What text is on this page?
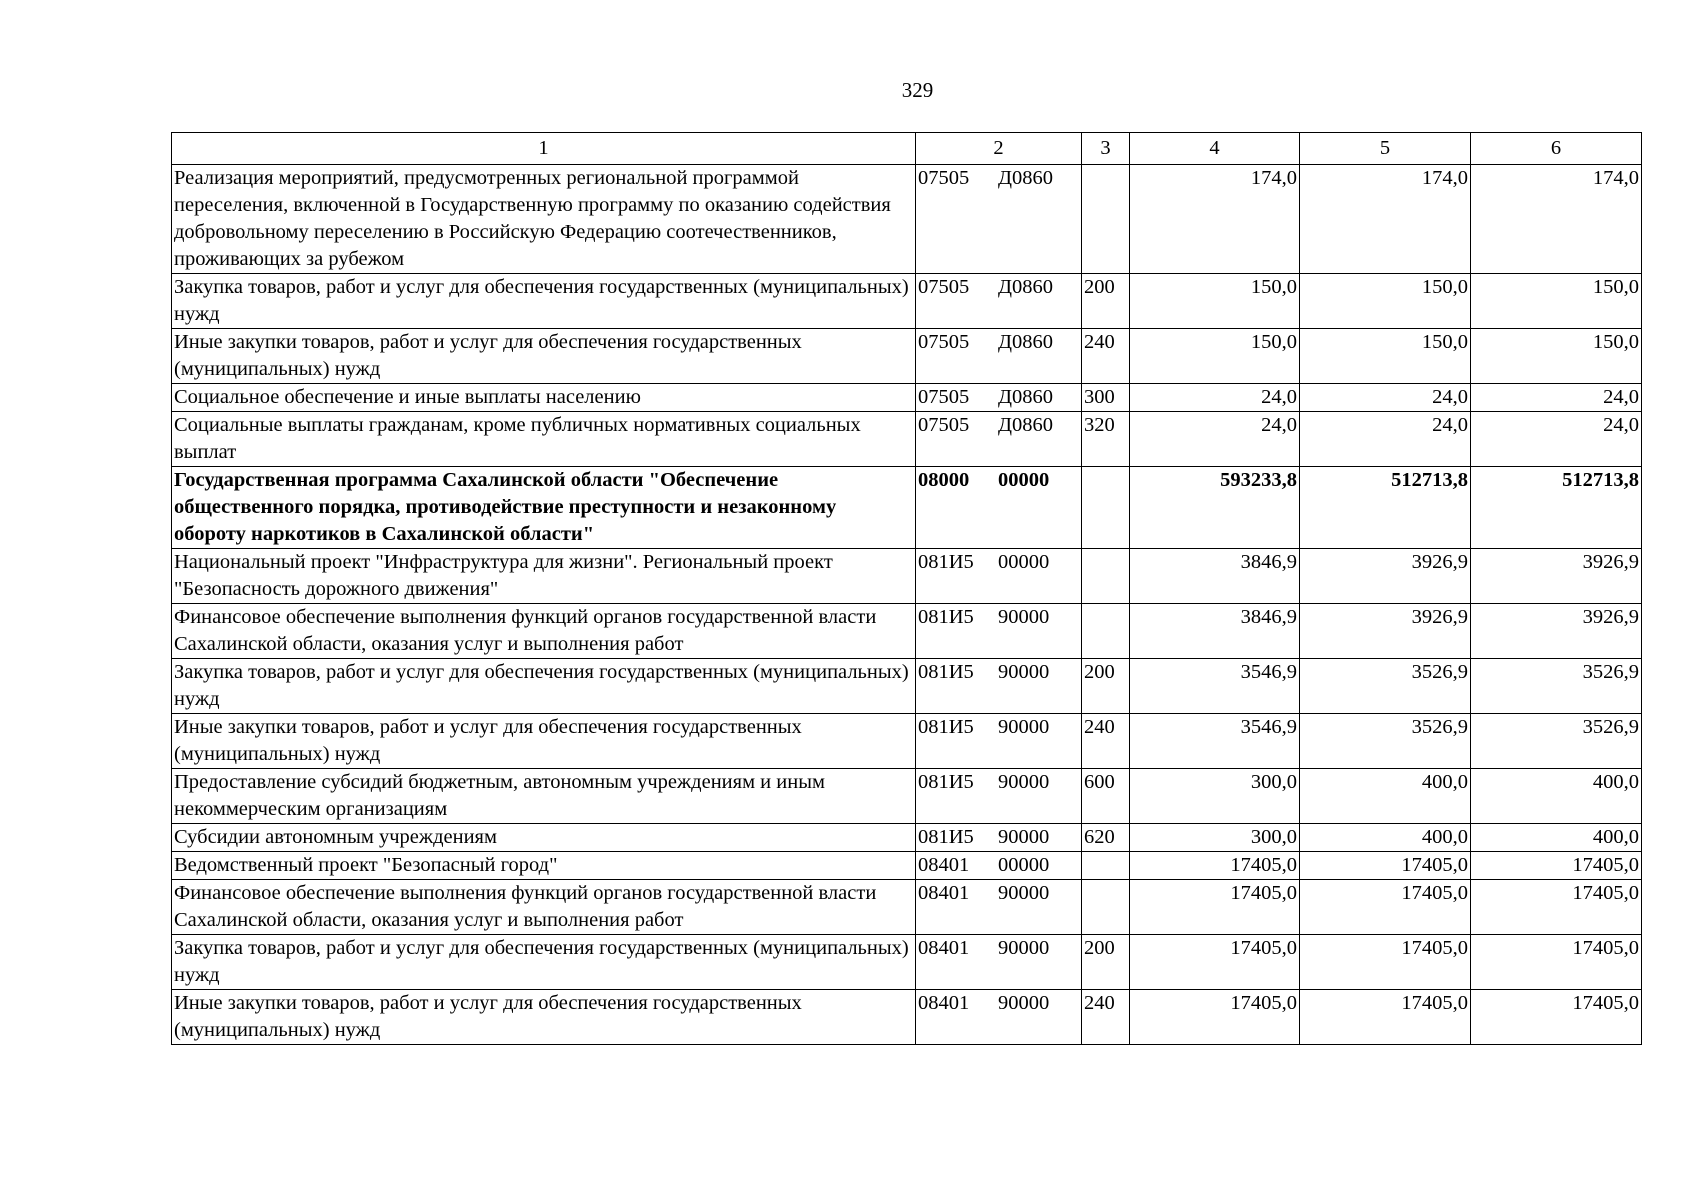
329
1	2	3	4	5	6
Реализация мероприятий, предусмотренных региональной программой переселения, включенной в Государственную программу по оказанию содействия добровольному переселению в Российскую Федерацию соотечественников, проживающих за рубежом	07505 Д0860		174,0	174,0	174,0
Закупка товаров, работ и услуг для обеспечения государственных (муниципальных) нужд	07505 Д0860	200	150,0	150,0	150,0
Иные закупки товаров, работ и услуг для обеспечения государственных (муниципальных) нужд	07505 Д0860	240	150,0	150,0	150,0
Социальное обеспечение и иные выплаты населению	07505 Д0860	300	24,0	24,0	24,0
Социальные выплаты гражданам, кроме публичных нормативных социальных выплат	07505 Д0860	320	24,0	24,0	24,0
Государственная программа Сахалинской области "Обеспечение общественного порядка, противодействие преступности и незаконному обороту наркотиков в Сахалинской области"	08000 00000		593233,8	512713,8	512713,8
Национальный проект "Инфраструктура для жизни". Региональный проект "Безопасность дорожного движения"	081И5 00000		3846,9	3926,9	3926,9
Финансовое обеспечение выполнения функций органов государственной власти Сахалинской области, оказания услуг и выполнения работ	081И5 90000		3846,9	3926,9	3926,9
Закупка товаров, работ и услуг для обеспечения государственных (муниципальных) нужд	081И5 90000	200	3546,9	3526,9	3526,9
Иные закупки товаров, работ и услуг для обеспечения государственных (муниципальных) нужд	081И5 90000	240	3546,9	3526,9	3526,9
Предоставление субсидий бюджетным, автономным учреждениям и иным некоммерческим организациям	081И5 90000	600	300,0	400,0	400,0
Субсидии автономным учреждениям	081И5 90000	620	300,0	400,0	400,0
Ведомственный проект "Безопасный город"	08401 00000		17405,0	17405,0	17405,0
Финансовое обеспечение выполнения функций органов государственной власти Сахалинской области, оказания услуг и выполнения работ	08401 90000		17405,0	17405,0	17405,0
Закупка товаров, работ и услуг для обеспечения государственных (муниципальных) нужд	08401 90000	200	17405,0	17405,0	17405,0
Иные закупки товаров, работ и услуг для обеспечения государственных (муниципальных) нужд	08401 90000	240	17405,0	17405,0	17405,0
